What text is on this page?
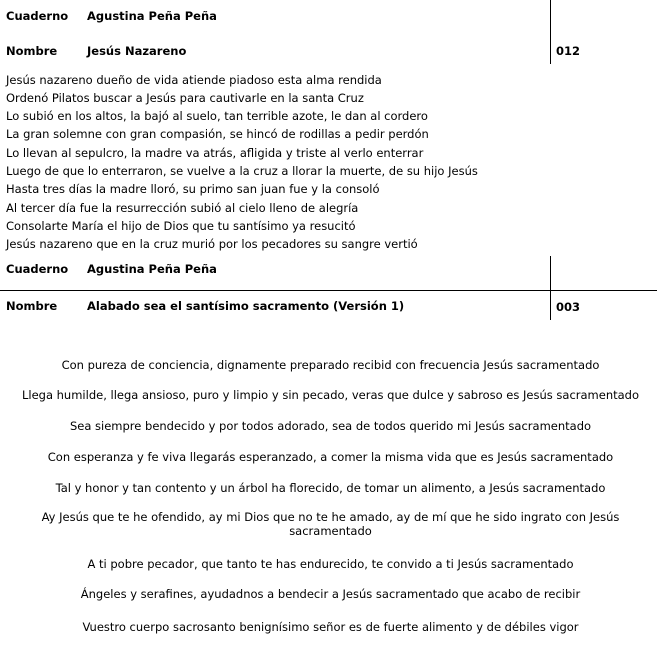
Cuaderno Agustina Peña Peña
Nombre	Jesús Nazareno	012
Jesús nazareno dueño de vida atiende piadoso esta alma rendida
Ordenó Pilatos buscar a Jesús para cautivarle en la santa Cruz
Lo subió en los altos, la bajó al suelo, tan terrible azote, le dan al cordero
La gran solemne con gran compasión, se hincó de rodillas a pedir perdón
Lo llevan al sepulcro, la madre va atrás, afligida y triste al verlo enterrar
Luego de que lo enterraron, se vuelve a la cruz a llorar la muerte, de su hijo Jesús
Hasta tres días la madre lloró, su primo san juan fue y la consoló
Al tercer día fue la resurrección subió al cielo lleno de alegría
Consolarte María el hijo de Dios que tu santísimo ya resucitó
Jesús nazareno que en la cruz murió por los pecadores su sangre vertió
Cuaderno Agustina Peña Peña
Nombre	Alabado sea el santísimo sacramento (Versión 1)	003
Con pureza de conciencia, dignamente preparado recibid con frecuencia Jesús sacramentado
Llega humilde, llega ansioso, puro y limpio y sin pecado, veras que dulce y sabroso es Jesús sacramentado
Sea siempre bendecido y por todos adorado, sea de todos querido mi Jesús sacramentado
Con esperanza y fe viva llegarás esperanzado, a comer la misma vida que es Jesús sacramentado
Tal y honor y tan contento y un árbol ha florecido, de tomar un alimento, a Jesús sacramentado
Ay Jesús que te he ofendido, ay mi Dios que no te he amado, ay de mí que he sido ingrato con Jesús sacramentado
A ti pobre pecador, que tanto te has endurecido, te convido a ti Jesús sacramentado
Ángeles y serafines, ayudadnos a bendecir a Jesús sacramentado que acabo de recibir
Vuestro cuerpo sacrosanto benignísimo señor es de fuerte alimento y de débiles vigor
